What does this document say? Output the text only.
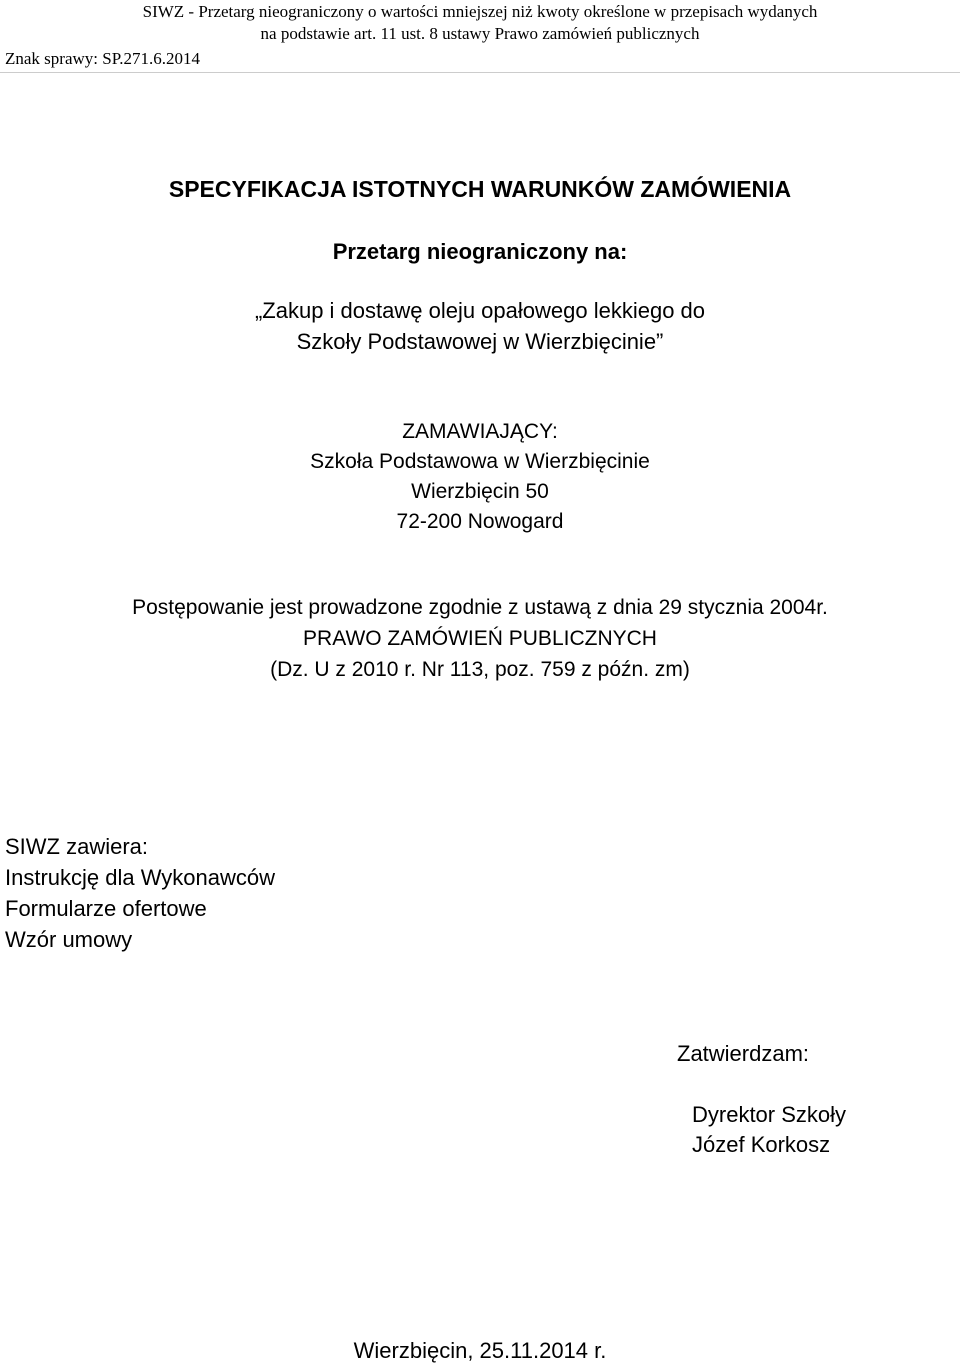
SIWZ - Przetarg nieograniczony o wartości mniejszej niż kwoty określone w przepisach wydanych
na podstawie art. 11 ust. 8 ustawy Prawo zamówień publicznych
Znak sprawy: SP.271.6.2014
SPECYFIKACJA ISTOTNYCH WARUNKÓW ZAMÓWIENIA
Przetarg nieograniczony na:
„Zakup i dostawę oleju opałowego lekkiego do
Szkoły Podstawowej w Wierzbięcinie”
ZAMAWIAJĄCY:
Szkoła Podstawowa w Wierzbięcinie
Wierzbięcin 50
72-200 Nowogard
Postępowanie jest prowadzone zgodnie z ustawą z dnia 29 stycznia 2004r.
PRAWO ZAMÓWIEŃ PUBLICZNYCH
(Dz. U z 2010 r. Nr 113, poz. 759 z późn. zm)
SIWZ zawiera:
Instrukcję dla Wykonawców
Formularze ofertowe
Wzór umowy
Zatwierdzam:
Dyrektor Szkoły
Józef Korkosz
Wierzbięcin, 25.11.2014 r.
